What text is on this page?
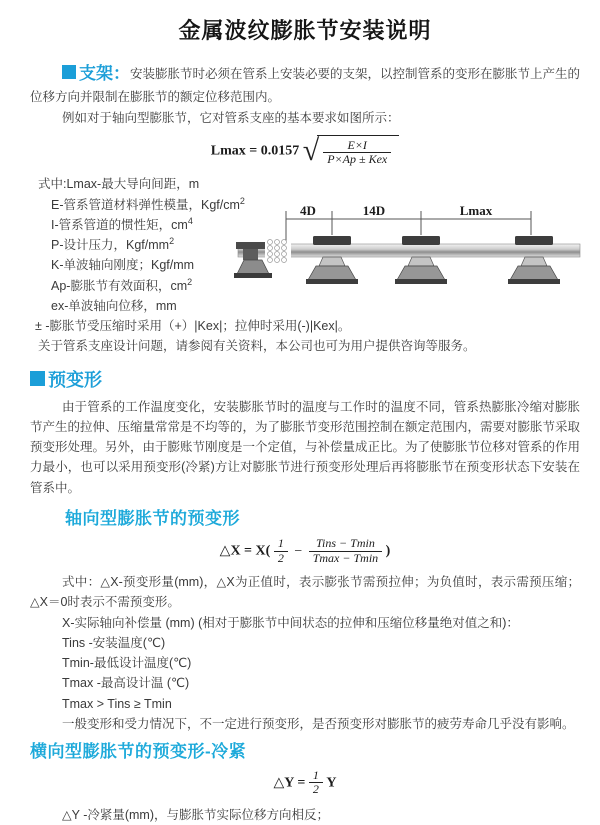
金属波纹膨胀节安装说明

支架：安装膨胀节时必须在管系上安装必要的支架，以控制管系的变形在膨胀节上产生的位移方向并限制在膨胀节的额定位移范围内。

例如对于轴向型膨胀节，它对管系支座的基本要求如图所示：

Lmax = 0.0157 √ $\frac{E\times I}{\text{P×Ap ± Kex}}$
式中:Lmax-最大导向间距，m
E-管系管道材料弹性模量，Kgf/$cm^2$
I-管系管道的惯性矩，$cm^4$
P-设计压力，Kgf/$mm^2$
K-单波轴向刚度；Kgf/mm
Ap-膨胀节有效面积，$cm^2$
ex-单波轴向位移，mm
± -膨胀节受压缩时采用（+）|Kex|；拉伸时采用(-)|Kex|。
关于管系支座设计问题，请参阅有关资料，本公司也可为用户提供咨询等服务。
4D	14D	Lmax
预变形

由于管系的工作温度变化，安装膨胀节时的温度与工作时的温度不同，管系热膨胀冷缩对膨胀节产生的拉伸、压缩量常常是不均等的，为了膨胀节变形范围控制在额定范围内，需要对膨胀节采取预变形处理。另外，由于膨账节刚度是一个定值，与补偿量成正比。为了使膨胀节位移对管系的作用力最小，也可以采用预变形(冷紧)方让对膨胀节进行预变形处理后再将膨胀节在预变形状态下安装在管系中。

轴向型膨胀节的预变形
△X = $X( \frac{1}{2} - \frac{\text{Tins − Tmin}}{Tmax - Tmin}$ )

式中：△X-预变形量(mm)，△X为正值时，表示膨张节需预拉伸；为负值时，表示需预压缩；△X＝0时表示不需预变形。

X-实际轴向补偿量 (mm) (相对于膨胀节中间状态的拉伸和压缩位移量绝对值之和)：

Tins -安装温度(℃)

Tmin-最低设计温度(℃)

Tmax -最高设计温 (℃)

Tmax > Tins ≥ Tmin

一般变形和受力情况下，不一定进行预变形，是否预变形对膨胀节的疲劳寿命几乎没有影响。

横向型膨胀节的预变形-冷紧
△Y = $\frac{1}{2}$ Y

△Y -冷紧量(mm)，与膨胀节实际位移方向相反；
